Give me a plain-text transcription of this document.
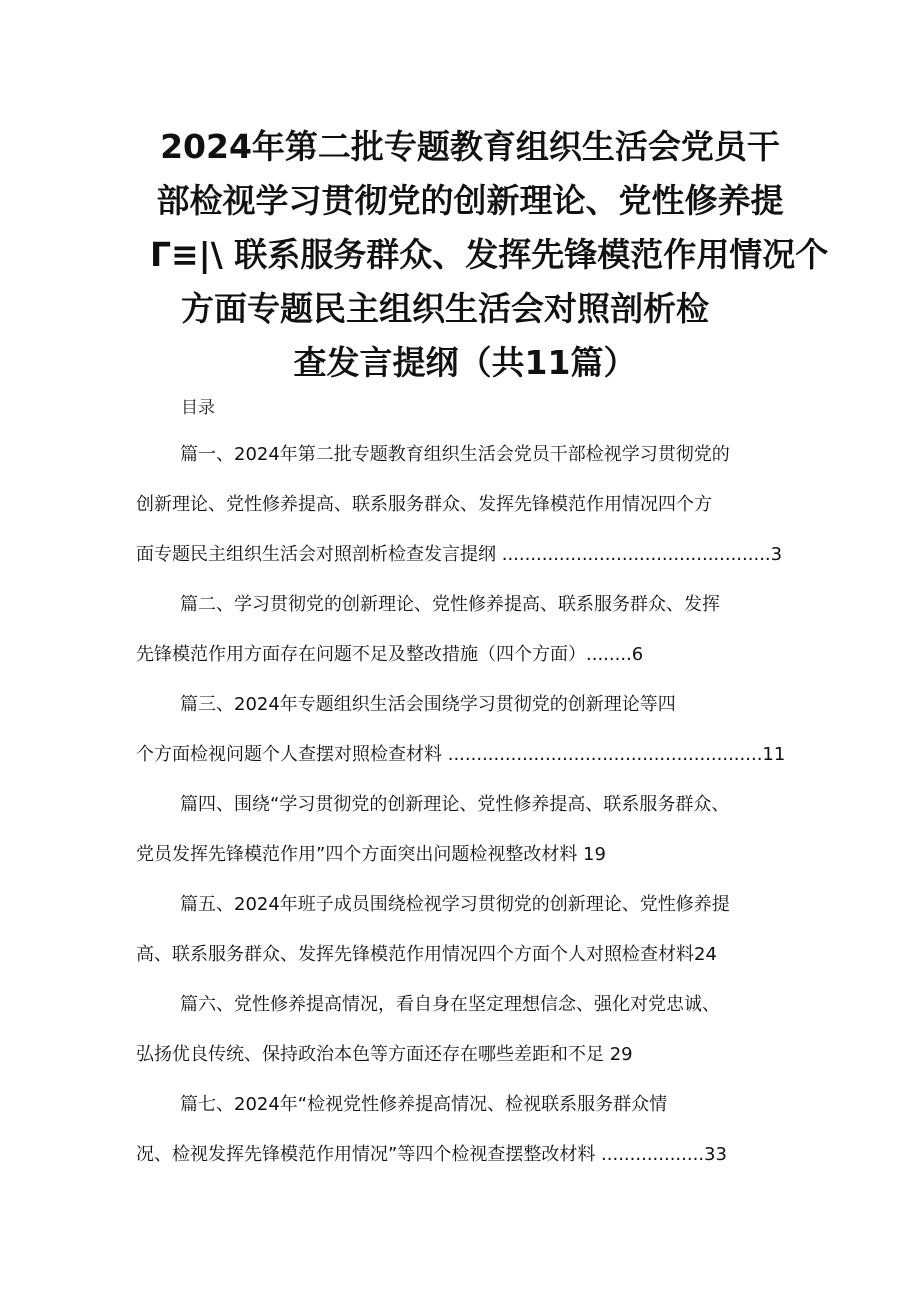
2024年第二批专题教育组织生活会党员干
部检视学习贯彻党的创新理论、党性修养提
Г≡|\ 联系服务群众、发挥先锋模范作用情况个
方面专题民主组织生活会对照剖析检
查发言提纲（共11篇）
目录
篇一、2024年第二批专题教育组织生活会党员干部检视学习贯彻党的
创新理论、党性修养提高、联系服务群众、发挥先锋模范作用情况四个方
面专题民主组织生活会对照剖析检查发言提纲 ...............................................3
篇二、学习贯彻党的创新理论、党性修养提高、联系服务群众、发挥
先锋模范作用方面存在问题不足及整改措施（四个方面）........6
篇三、2024年专题组织生活会围绕学习贯彻党的创新理论等四
个方面检视问题个人查摆对照检查材料 .......................................................11
篇四、围绕“学习贯彻党的创新理论、党性修养提高、联系服务群众、
党员发挥先锋模范作用”四个方面突出问题检视整改材料 19
篇五、2024年班子成员围绕检视学习贯彻党的创新理论、党性修养提
高、联系服务群众、发挥先锋模范作用情况四个方面个人对照检查材料24
篇六、党性修养提高情况，看自身在坚定理想信念、强化对党忠诚、
弘扬优良传统、保持政治本色等方面还存在哪些差距和不足 29
篇七、2024年“检视党性修养提高情况、检视联系服务群众情
况、检视发挥先锋模范作用情况”等四个检视查摆整改材料 ..................33
